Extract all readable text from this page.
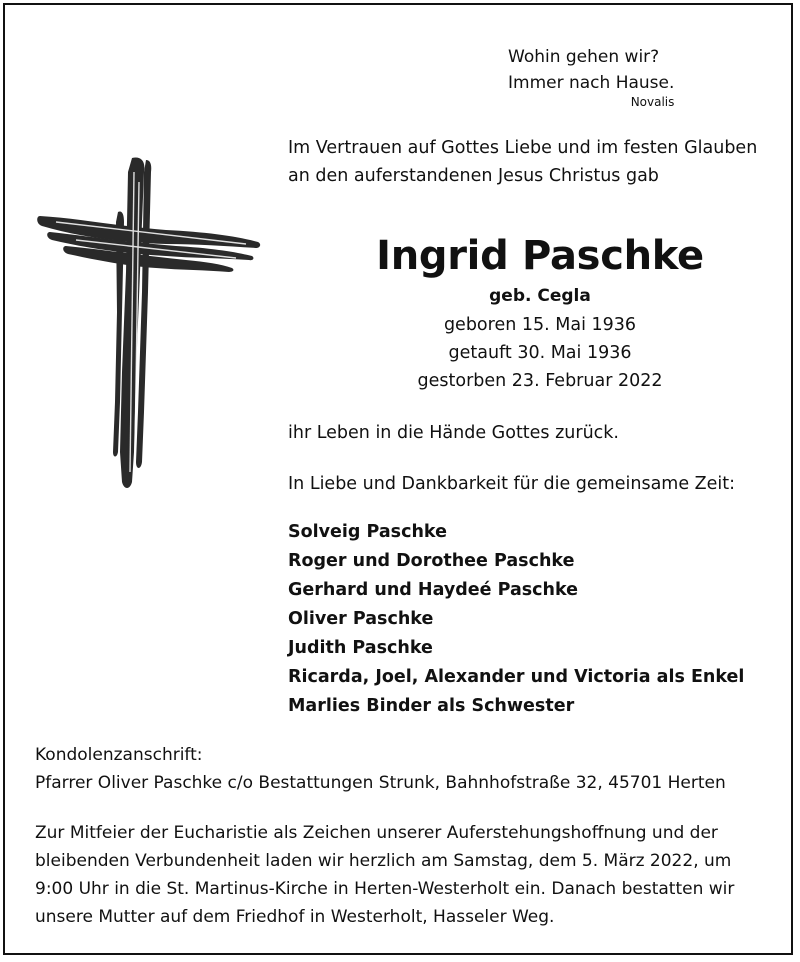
Wohin gehen wir?
Immer nach Hause.
Novalis
Im Vertrauen auf Gottes Liebe und im festen Glauben
an den auferstandenen Jesus Christus gab
Ingrid Paschke
geb. Cegla
geboren 15. Mai 1936
getauft 30. Mai 1936
gestorben 23. Februar 2022
ihr Leben in die Hände Gottes zurück.
In Liebe und Dankbarkeit für die gemeinsame Zeit:
Solveig Paschke
Roger und Dorothee Paschke
Gerhard und Haydeé Paschke
Oliver Paschke
Judith Paschke
Ricarda, Joel, Alexander und Victoria als Enkel
Marlies Binder als Schwester
Kondolenzanschrift:
Pfarrer Oliver Paschke c/o Bestattungen Strunk, Bahnhofstraße 32, 45701 Herten
Zur Mitfeier der Eucharistie als Zeichen unserer Auferstehungshoffnung und der
bleibenden Verbundenheit laden wir herzlich am Samstag, dem 5. März 2022, um
9:00 Uhr in die St. Martinus-Kirche in Herten-Westerholt ein. Danach bestatten wir
unsere Mutter auf dem Friedhof in Westerholt, Hasseler Weg.
